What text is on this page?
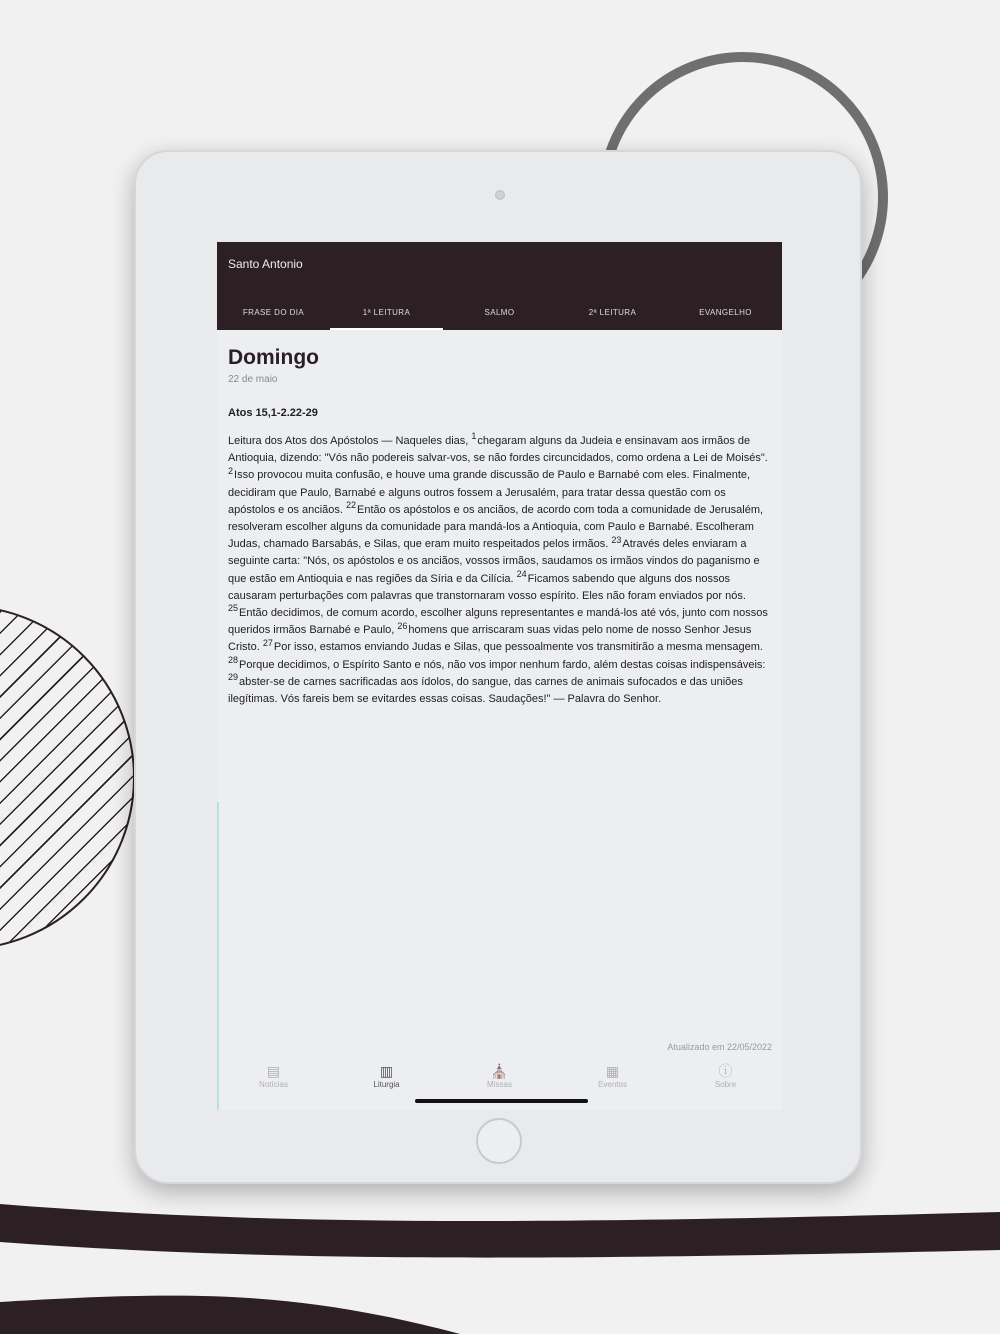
Santo Antonio
FRASE DO DIA	1ª LEITURA	SALMO	2ª LEITURA	EVANGELHO
Domingo
22 de maio
Atos 15,1-2.22-29
Leitura dos Atos dos Apóstolos — Naqueles dias, $^1$chegaram alguns da Judeia e ensinavam aos irmãos de Antioquia, dizendo: "Vós não podereis salvar-vos, se não fordes circuncidados, como ordena a Lei de Moisés". $^2$Isso provocou muita confusão, e houve uma grande discussão de Paulo e Barnabé com eles. Finalmente, decidiram que Paulo, Barnabé e alguns outros fossem a Jerusalém, para tratar dessa questão com os apóstolos e os anciãos. $^{22}$Então os apóstolos e os anciãos, de acordo com toda a comunidade de Jerusalém, resolveram escolher alguns da comunidade para mandá-los a Antioquia, com Paulo e Barnabé. Escolheram Judas, chamado Barsabás, e Silas, que eram muito respeitados pelos irmãos. $^{23}$Através deles enviaram a seguinte carta: "Nós, os apóstolos e os anciãos, vossos irmãos, saudamos os irmãos vindos do paganismo e que estão em Antioquia e nas regiões da Síria e da Cilícia. $^{24}$Ficamos sabendo que alguns dos nossos causaram perturbações com palavras que transtornaram vosso espírito. Eles não foram enviados por nós. $^{25}$Então decidimos, de comum acordo, escolher alguns representantes e mandá-los até vós, junto com nossos queridos irmãos Barnabé e Paulo, $^{26}$homens que arriscaram suas vidas pelo nome de nosso Senhor Jesus Cristo. $^{27}$Por isso, estamos enviando Judas e Silas, que pessoalmente vos transmitirão a mesma mensagem. $^{28}$Porque decidimos, o Espírito Santo e nós, não vos impor nenhum fardo, além destas coisas indispensáveis: $^{29}$abster-se de carnes sacrificadas aos ídolos, do sangue, das carnes de animais sufocados e das uniões ilegítimas. Vós fareis bem se evitardes essas coisas. Saudações!" — Palavra do Senhor.
Atualizado em 22/05/2022
▤
Notícias
▥
Liturgia
⛪
Missas
▦
Eventos
ⓘ
Sobre
